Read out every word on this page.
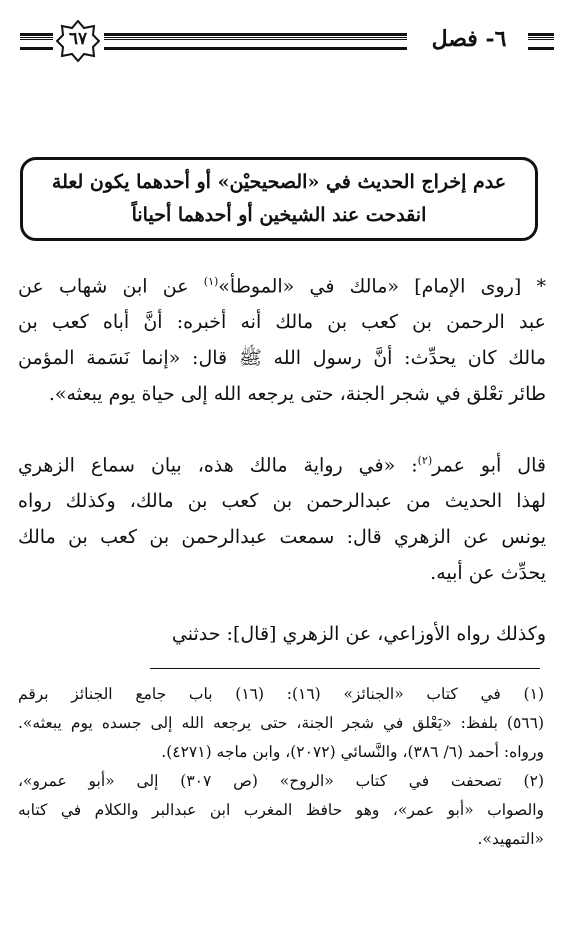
٦٧	٦- فصل
عدم إخراج الحديث في «الصحيحيْن» أو أحدهما يكون لعلة
انقدحت عند الشيخين أو أحدهما أحياناً
* [روى الإمام] «مالك في «الموطأ»$^{(١)}$ عن ابن شهاب عن
عبد الرحمن بن كعب بن مالك أنه أخبره: أنَّ أباه كعب بن
مالك كان يحدِّث: أنَّ رسول الله ﷺ قال: «إنما نَسَمة المؤمن
طائر تعْلق في شجر الجنة، حتى يرجعه الله إلى حياة يوم يبعثه».
قال أبو عمر$^{(٢)}$: «في رواية مالك هذه، بيان سماع الزهري
لهذا الحديث من عبدالرحمن بن كعب بن مالك، وكذلك رواه
يونس عن الزهري قال: سمعت عبدالرحمن بن كعب بن مالك
يحدِّث عن أبيه.
وكذلك رواه الأوزاعي، عن الزهري [قال]: حدثني
(١) في كتاب «الجنائز» (١٦): (١٦) باب جامع الجنائز برقم
(٥٦٦) بلفظ: «يَعْلق في شجر الجنة، حتى يرجعه الله إلى جسده يوم يبعثه».
ورواه: أحمد (٦/ ٣٨٦)، والنَّسائي (٢٠٧٢)، وابن ماجه (٤٢٧١).
(٢) تصحفت في كتاب «الروح» (ص ٣٠٧) إلى «أبو عمرو»،
والصواب «أبو عمر»، وهو حافظ المغرب ابن عبدالبر والكلام في كتابه
«التمهيد».
